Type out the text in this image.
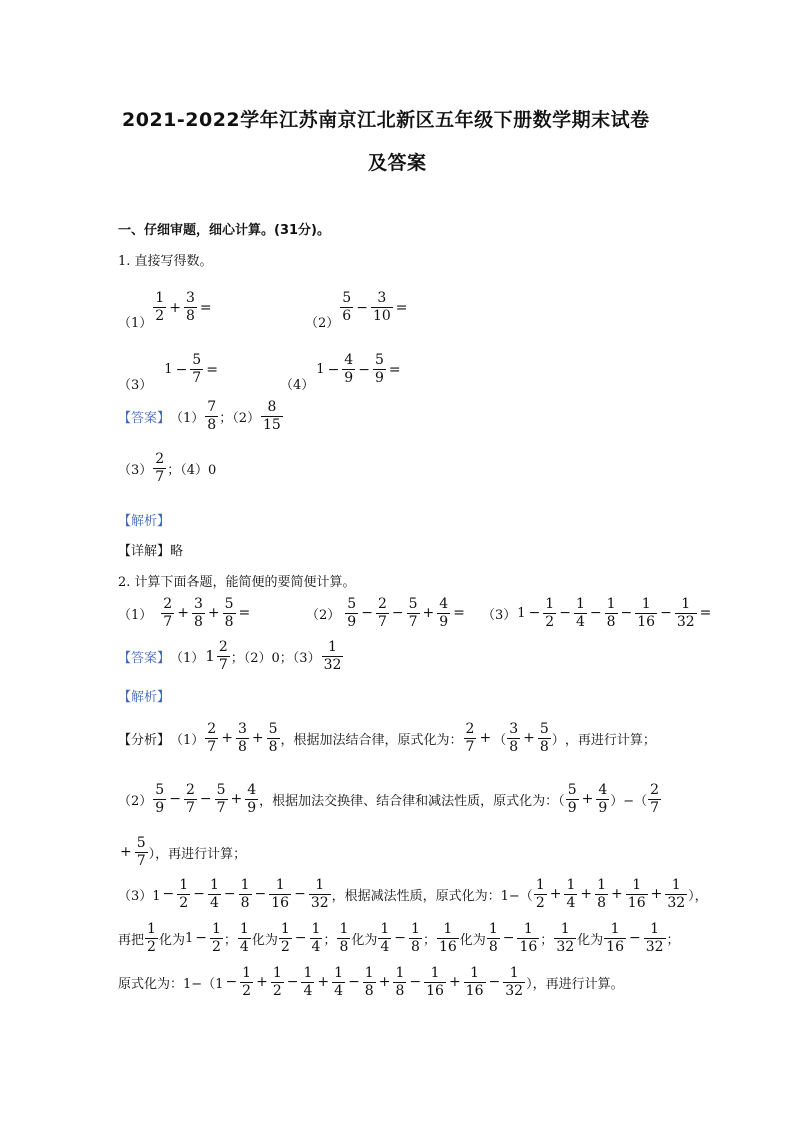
2021-2022学年江苏南京江北新区五年级下册数学期末试卷
及答案
一、仔细审题，细心计算。(31分)。
1. 直接写得数。
$(1) \frac{1}{2} + \frac{3}{8}$ =
$(2) \frac{5}{6} - \frac{3}{10}$ =
（3）
$1 - \frac{5}{7}$ =
（4）
$1 - \frac{4}{9} - \frac{5}{9}$ =
【答案】 $(1) \frac{7}{8}$ ；$(2) \frac{8}{15}$
$(3) \frac{2}{7}$ ；（4）0
【解析】
【详解】略
2. 计算下面各题，能简便的要简便计算。
$(1) \frac{2}{7} + \frac{3}{8} + \frac{5}{8}$ =	$(2) \frac{5}{9} - \frac{2}{7} - \frac{5}{7} + \frac{4}{9} = (3) 1 - \frac{1}{2} - \frac{1}{4} - \frac{1}{8} - \frac{1}{16} - \frac{1}{32}$ =
【答案】 （1） $1 \frac{2}{7}$ ；（2）0；$(3) \frac{1}{32}$
【解析】
【分析】 $(1) \frac{2}{7} + \frac{3}{8} + \frac{5}{8}$ ，根据加法结合律，原式化为： $\frac{2}{7}$ + （ $\frac{3}{8} + \frac{5}{8}$ ） ，再进行计算；
$(2) \frac{5}{9} - \frac{2}{7} - \frac{5}{7} + \frac{4}{9}$ ，根据加法交换律、结合律和减法性质，原式化为：（ $\frac{5}{9} + \frac{4}{9}$ ）−（ $\frac{2}{7}$
+ $\frac{5}{7}$ ），再进行计算；
$(3)1 - \frac{1}{2} - \frac{1}{4} - \frac{1}{8} - \frac{1}{16} - \frac{1}{32}$ ，根据减法性质，原式化为：$1-( \frac{1}{2} + \frac{1}{4} + \frac{1}{8} + \frac{1}{16} + \frac{1}{32}$ ），
再把 $\frac{1}{2}$ 化为 $1 - \frac{1}{2}$ ； $\frac{1}{4}$ 化为 $\frac{1}{2} - \frac{1}{4}$ ； $\frac{1}{8}$ 化为 $\frac{1}{4} - \frac{1}{8}$ ； $\frac{1}{16}$ 化为 $\frac{1}{8} - \frac{1}{16}$ ； $\frac{1}{32}$ 化为 $\frac{1}{16} - \frac{1}{32}$ ；
原式化为：$1-(1 - \frac{1}{2} + \frac{1}{2} - \frac{1}{4} + \frac{1}{4} - \frac{1}{8} + \frac{1}{8} - \frac{1}{16} + \frac{1}{16} - \frac{1}{32}$ ），再进行计算。
